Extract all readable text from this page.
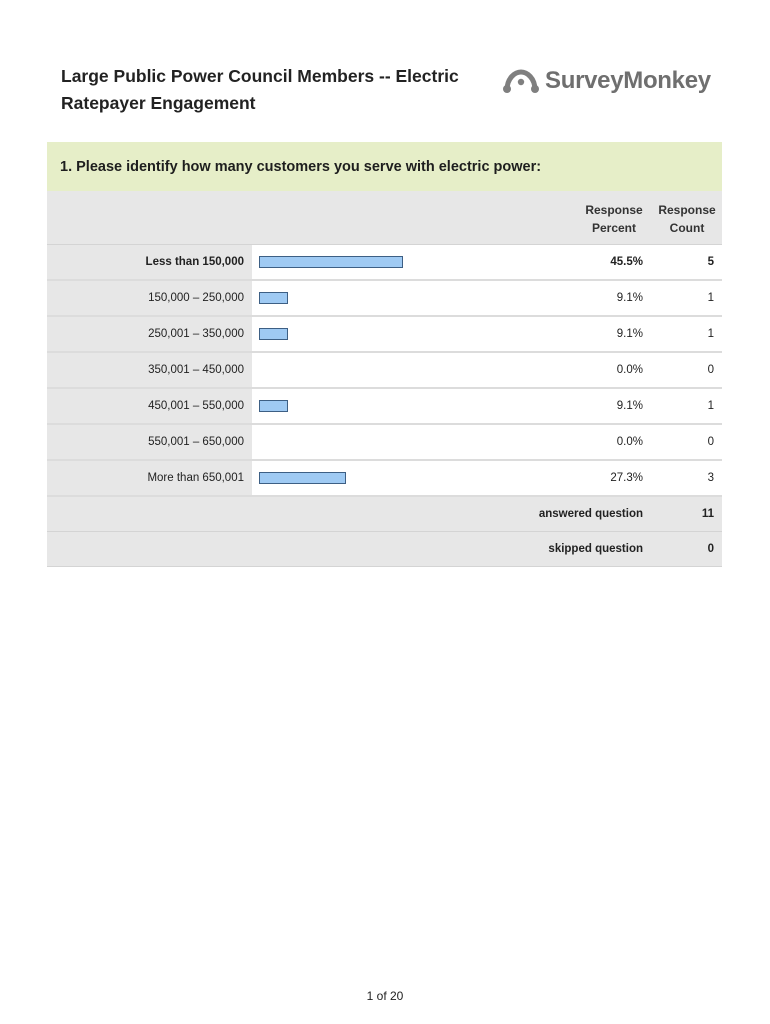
Large Public Power Council Members -- Electric Ratepayer Engagement
SurveyMonkey
1. Please identify how many customers you serve with electric power:
Response Percent
Response Count
Less than 150,000	45.5%	5
150,000 – 250,000	9.1%	1
250,001 – 350,000	9.1%	1
350,001 – 450,000	0.0%	0
450,001 – 550,000	9.1%	1
550,001 – 650,000	0.0%	0
More than 650,001	27.3%	3
answered question	11
skipped question	0
1 of 20
